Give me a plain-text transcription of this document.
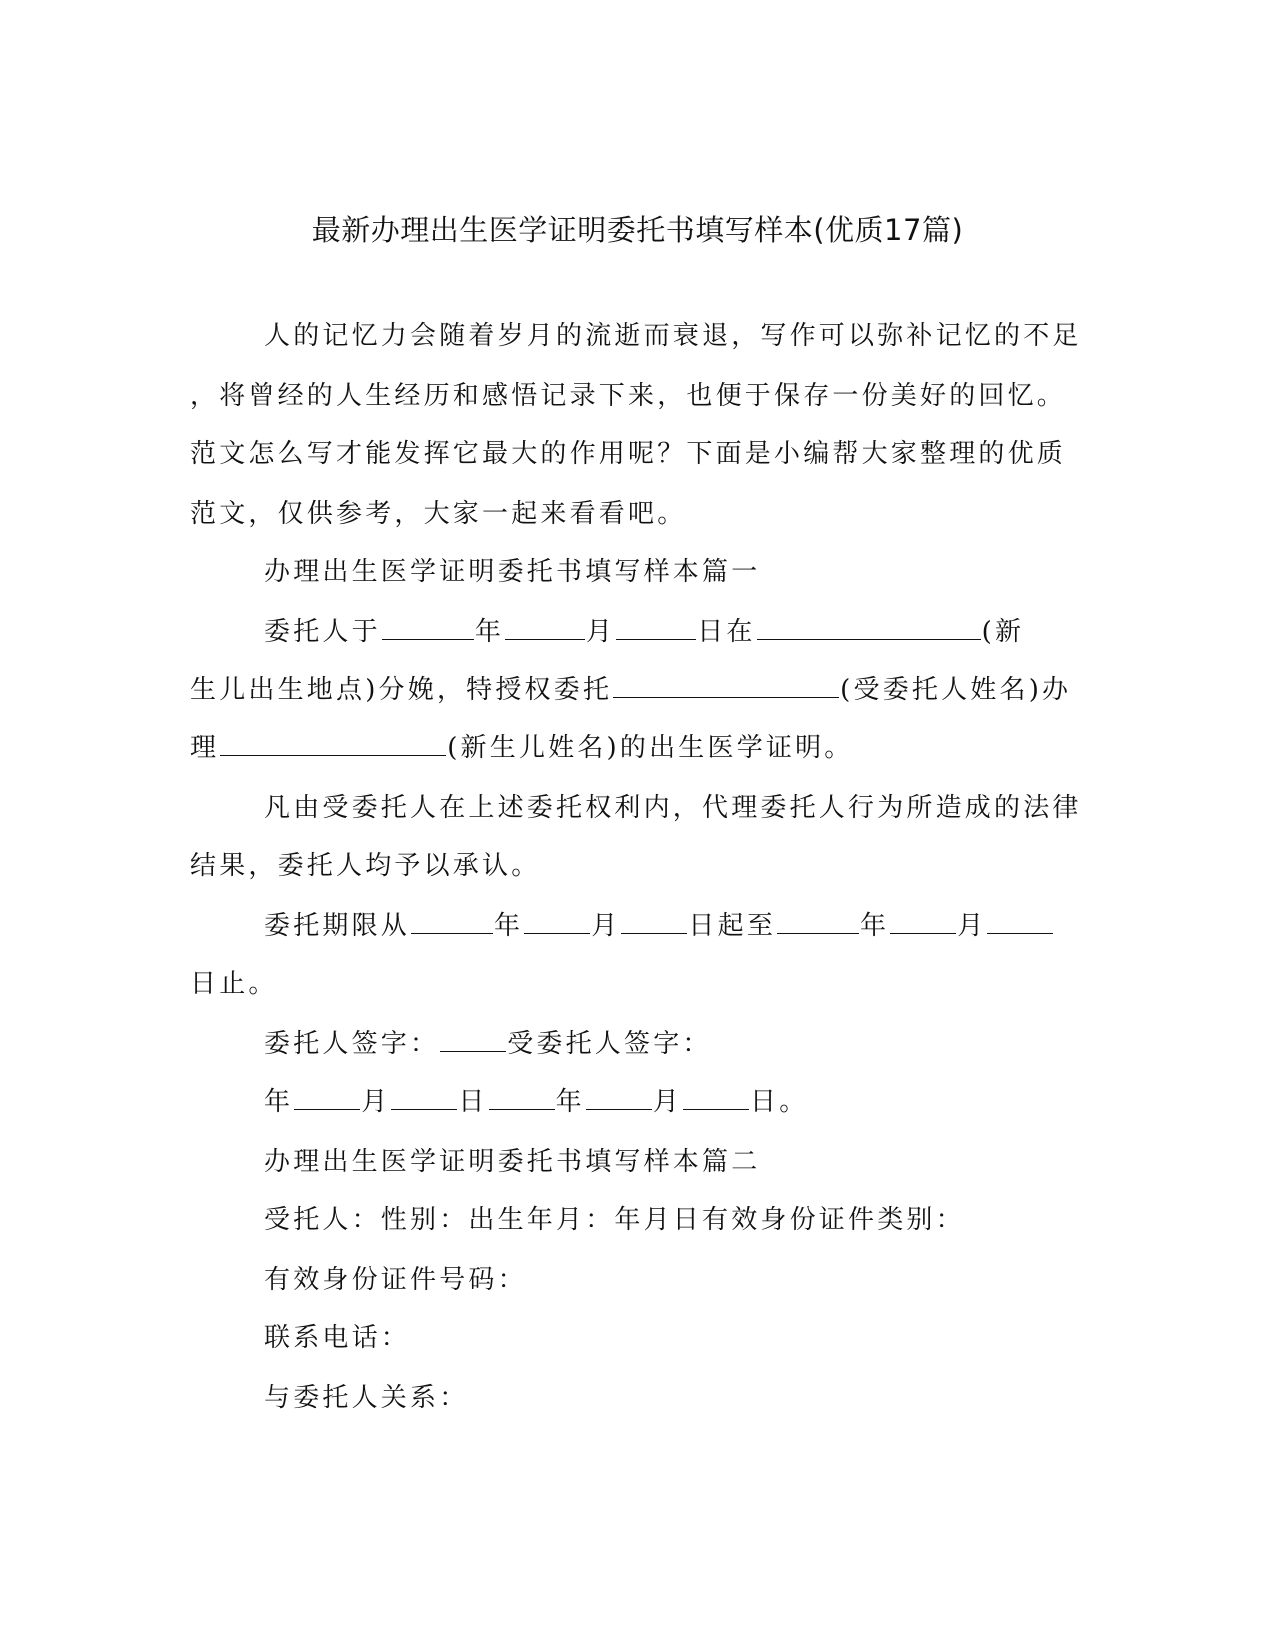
最新办理出生医学证明委托书填写样本(优质17篇)
人的记忆力会随着岁月的流逝而衰退，写作可以弥补记忆的不足
，将曾经的人生经历和感悟记录下来，也便于保存一份美好的回忆。
范文怎么写才能发挥它最大的作用呢？下面是小编帮大家整理的优质
范文，仅供参考，大家一起来看看吧。
办理出生医学证明委托书填写样本篇一
委托人于	年	月	日在	(新
生儿出生地点)分娩，特授权委托	(受委托人姓名)办
理	(新生儿姓名)的出生医学证明。
凡由受委托人在上述委托权利内，代理委托人行为所造成的法律
结果，委托人均予以承认。
委托期限从	年	月	日起至	年	月
日止。
委托人签字：	受委托人签字：
年	月	日	年	月	日。
办理出生医学证明委托书填写样本篇二
受托人：性别：出生年月：年月日有效身份证件类别：
有效身份证件号码：
联系电话：
与委托人关系：
